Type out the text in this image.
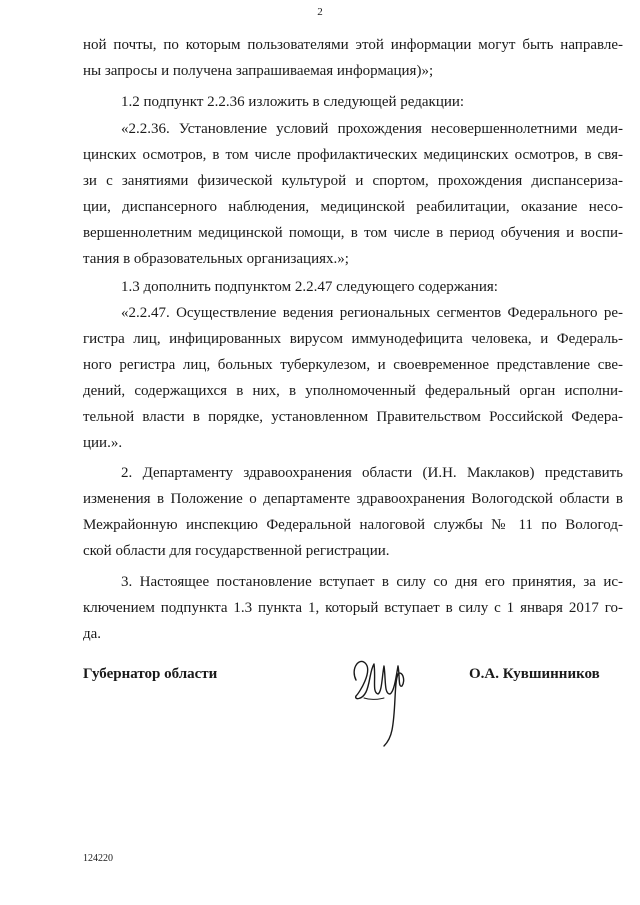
2

ной почты, по которым пользователями этой информации могут быть направле-

ны запросы и получена запрашиваемая информация)»;

1.2 подпункт 2.2.36 изложить в следующей редакции:

«2.2.36. Установление условий прохождения несовершеннолетними меди-

цинских осмотров, в том числе профилактических медицинских осмотров, в свя-

зи с занятиями физической культурой и спортом, прохождения диспансериза-

ции, диспансерного наблюдения, медицинской реабилитации, оказание несо-

вершеннолетним медицинской помощи, в том числе в период обучения и воспи-

тания в образовательных организациях.»;

1.3 дополнить подпунктом 2.2.47 следующего содержания:

«2.2.47. Осуществление ведения региональных сегментов Федерального ре-

гистра лиц, инфицированных вирусом иммунодефицита человека, и Федераль-

ного регистра лиц, больных туберкулезом, и своевременное представление све-

дений, содержащихся в них, в уполномоченный федеральный орган исполни-

тельной власти в порядке, установленном Правительством Российской Федера-

ции.».

2. Департаменту здравоохранения области (И.Н. Маклаков) представить

изменения в Положение о департаменте здравоохранения Вологодской области в

Межрайонную инспекцию Федеральной налоговой службы № 11 по Вологод-

ской области для государственной регистрации.

3. Настоящее постановление вступает в силу со дня его принятия, за ис-

ключением подпункта 1.3 пункта 1, который вступает в силу с 1 января 2017 го-

да.

Губернатор области	О.А. Кувшинников
124220
